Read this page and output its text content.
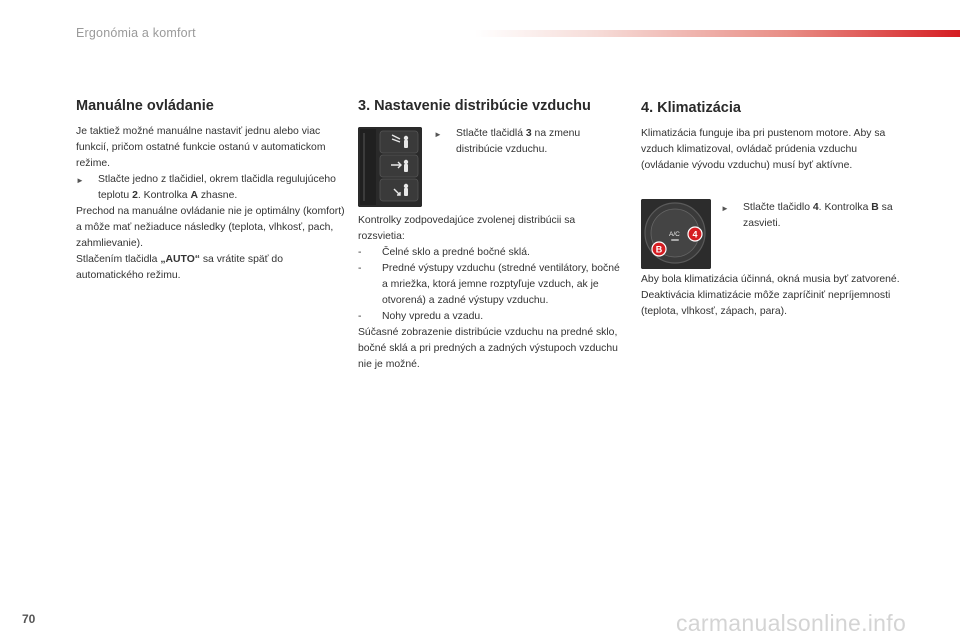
Ergonómia a komfort
Manuálne ovládanie

Je taktiež možné manuálne nastaviť jednu alebo viac funkcií, pričom ostatné funkcie ostanú v automatickom režime.

►	Stlačte jedno z tlačidiel, okrem tlačidla regulujúceho teplotu 2. Kontrolka A zhasne.

Prechod na manuálne ovládanie nie je optimálny (komfort) a môže mať nežiaduce následky (teplota, vlhkosť, pach, zahmlievanie).

Stlačením tlačidla „AUTO“ sa vrátite späť do automatického režimu.

3. Nastavenie distribúcie vzduchu
►	Stlačte tlačidlá 3 na zmenu distribúcie vzduchu.

Kontrolky zodpovedajúce zvolenej distribúcii sa rozsvietia:

-	Čelné sklo a predné bočné sklá.
-	Predné výstupy vzduchu (stredné ventilátory, bočné a mriežka, ktorá jemne rozptyľuje vzduch, ak je otvorená) a zadné výstupy vzduchu.
-	Nohy vpredu a vzadu.

Súčasné zobrazenie distribúcie vzduchu na predné sklo, bočné sklá a pri predných a zadných výstupoch vzduchu nie je možné.

4. Klimatizácia

Klimatizácia funguje iba pri pustenom motore. Aby sa vzduch klimatizoval, ovládač prúdenia vzduchu (ovládanie vývodu vzduchu) musí byť aktívne.

A/C
B
4
►	Stlačte tlačidlo 4. Kontrolka B sa zasvieti.

Aby bola klimatizácia účinná, okná musia byť zatvorené.

Deaktivácia klimatizácie môže zapríčiniť nepríjemnosti (teplota, vlhkosť, zápach, para).

70	carmanualsonline.info
